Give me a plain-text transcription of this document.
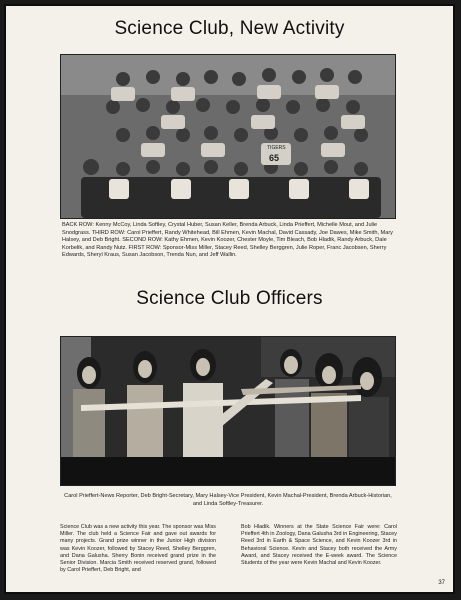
Science Club, New Activity
TIGERS
65

BACK ROW: Kenny McCoy, Linda Softley, Crystal Huber, Susan Keller, Brenda Arbuck, Linda Prieffert, Michelle Mout, and Julie Snodgrass. THIRD ROW: Carol Prieffert, Randy Whitehead, Bill Ehmen, Kevin Machal, David Cassady, Joe Dawes, Mike Smith, Mary Halsey, and Deb Bright. SECOND ROW: Kathy Ehmen, Kevin Koozer, Chester Moyle, Tim Bleach, Bob Hladik, Randy Arbuck, Dale Korbelik, and Randy Nutz. FIRST ROW: Sponsor-Miss Miller, Stacey Reed, Shelley Berggren, Julie Roper, Franc Jacobsen, Sherry Edwards, Sheryl Kraus, Susan Jacobson, Trenda Nun, and Jeff Wallin.

Science Club Officers

Carol Prieffert-News Reporter, Deb Bright-Secretary, Mary Halsey-Vice President, Kevin Machal-President, Brenda Arbuck-Historian, and Linda Softley-Treasurer.

Science Club was a new activity this year. The sponsor was Miss Miller. The club held a Science Fair and gave out awards for many projects. Grand prize winner in the Junior High division was Kevin Koozer, followed by Stacey Reed, Shelley Berggren, and Dana Galusha. Sherry Bonin received grand prize in the Senior Division. Marcia Smith received reserved grand, followed by Carol Prieffert, Deb Bright, and

Bob Hladik. Winners at the State Science Fair were: Carol Prieffert 4th in Zoology, Dana Galusha 3rd in Engineering, Stacey Reed 3rd in Earth & Space Science, and Kevin Koozer 3rd in Behavioral Science. Kevin and Stacey both received the Army Award, and Stacey received the E-week award. The Science Students of the year were Kevin Machal and Kevin Koozer.

37
